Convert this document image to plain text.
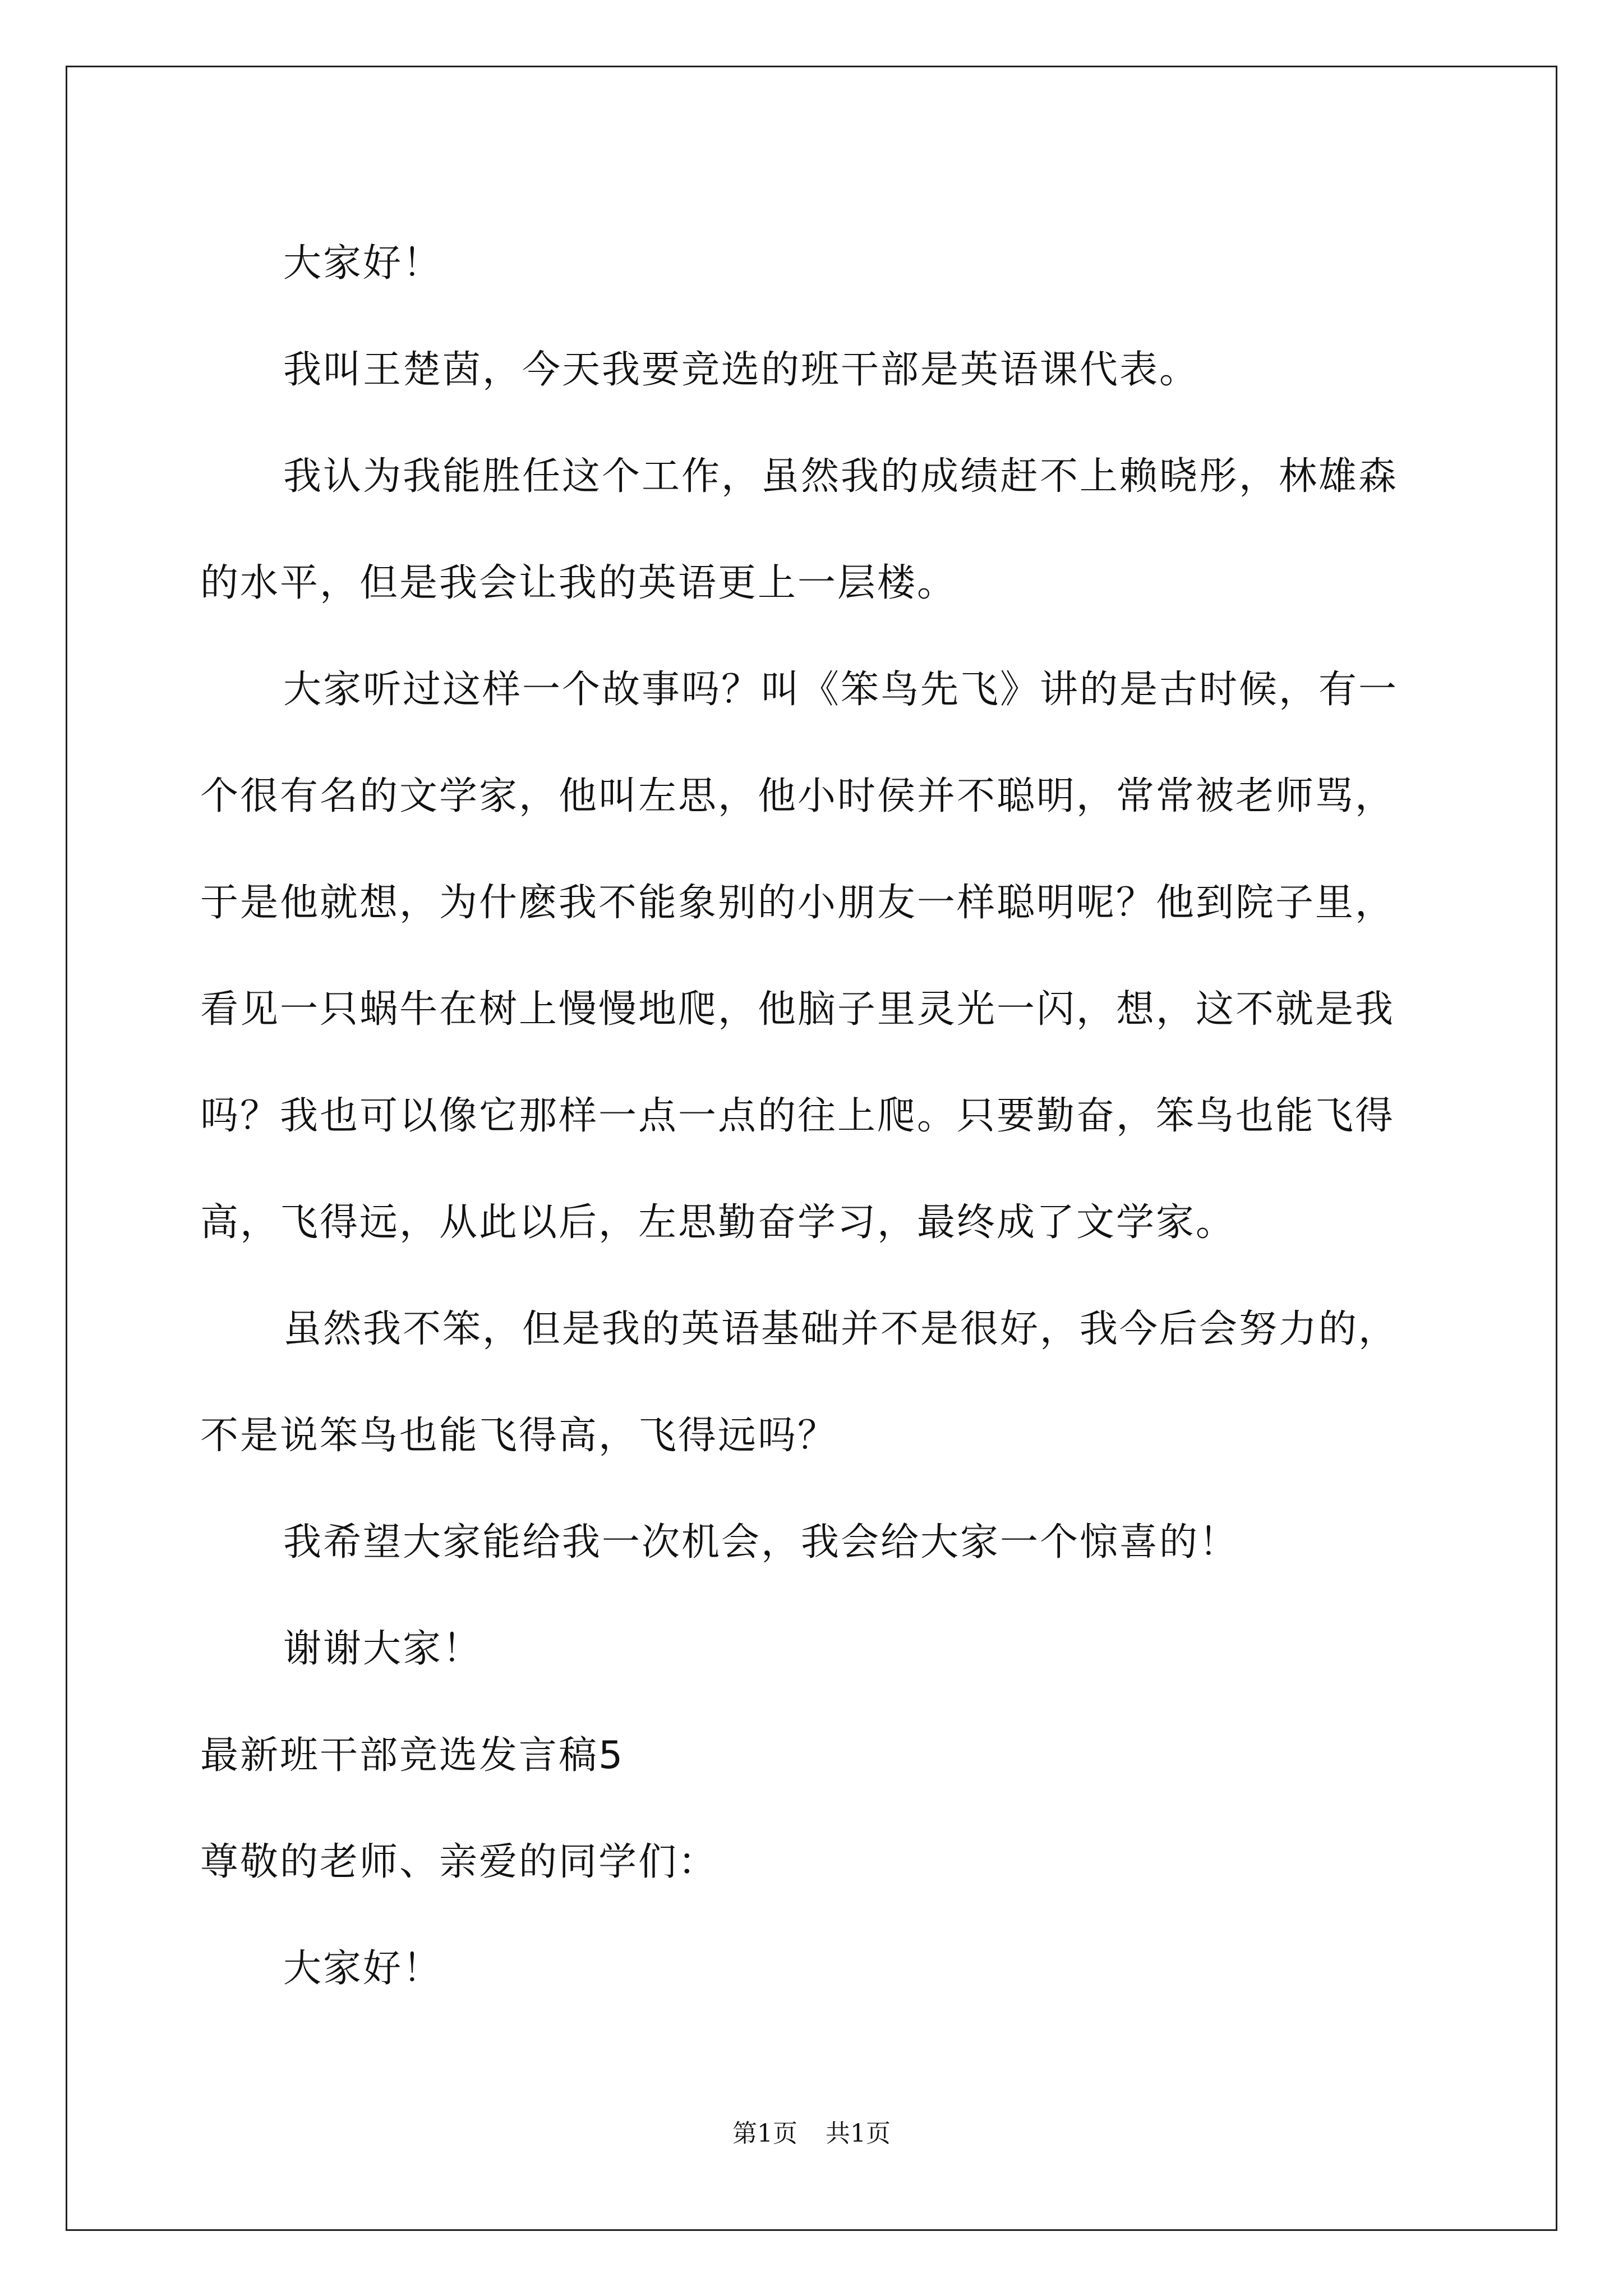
大家好！

我叫王楚茵，今天我要竞选的班干部是英语课代表。

我认为我能胜任这个工作，虽然我的成绩赶不上赖晓彤，林雄森的水平，但是我会让我的英语更上一层楼。

大家听过这样一个故事吗？叫《笨鸟先飞》讲的是古时候，有一个很有名的文学家，他叫左思，他小时侯并不聪明，常常被老师骂，于是他就想，为什麽我不能象别的小朋友一样聪明呢？他到院子里，看见一只蜗牛在树上慢慢地爬，他脑子里灵光一闪，想，这不就是我吗？我也可以像它那样一点一点的往上爬。只要勤奋，笨鸟也能飞得高，飞得远，从此以后，左思勤奋学习，最终成了文学家。

虽然我不笨，但是我的英语基础并不是很好，我今后会努力的，不是说笨鸟也能飞得高，飞得远吗？

我希望大家能给我一次机会，我会给大家一个惊喜的！

谢谢大家！

最新班干部竞选发言稿5

尊敬的老师、亲爱的同学们：

大家好！

第1页 共1页
